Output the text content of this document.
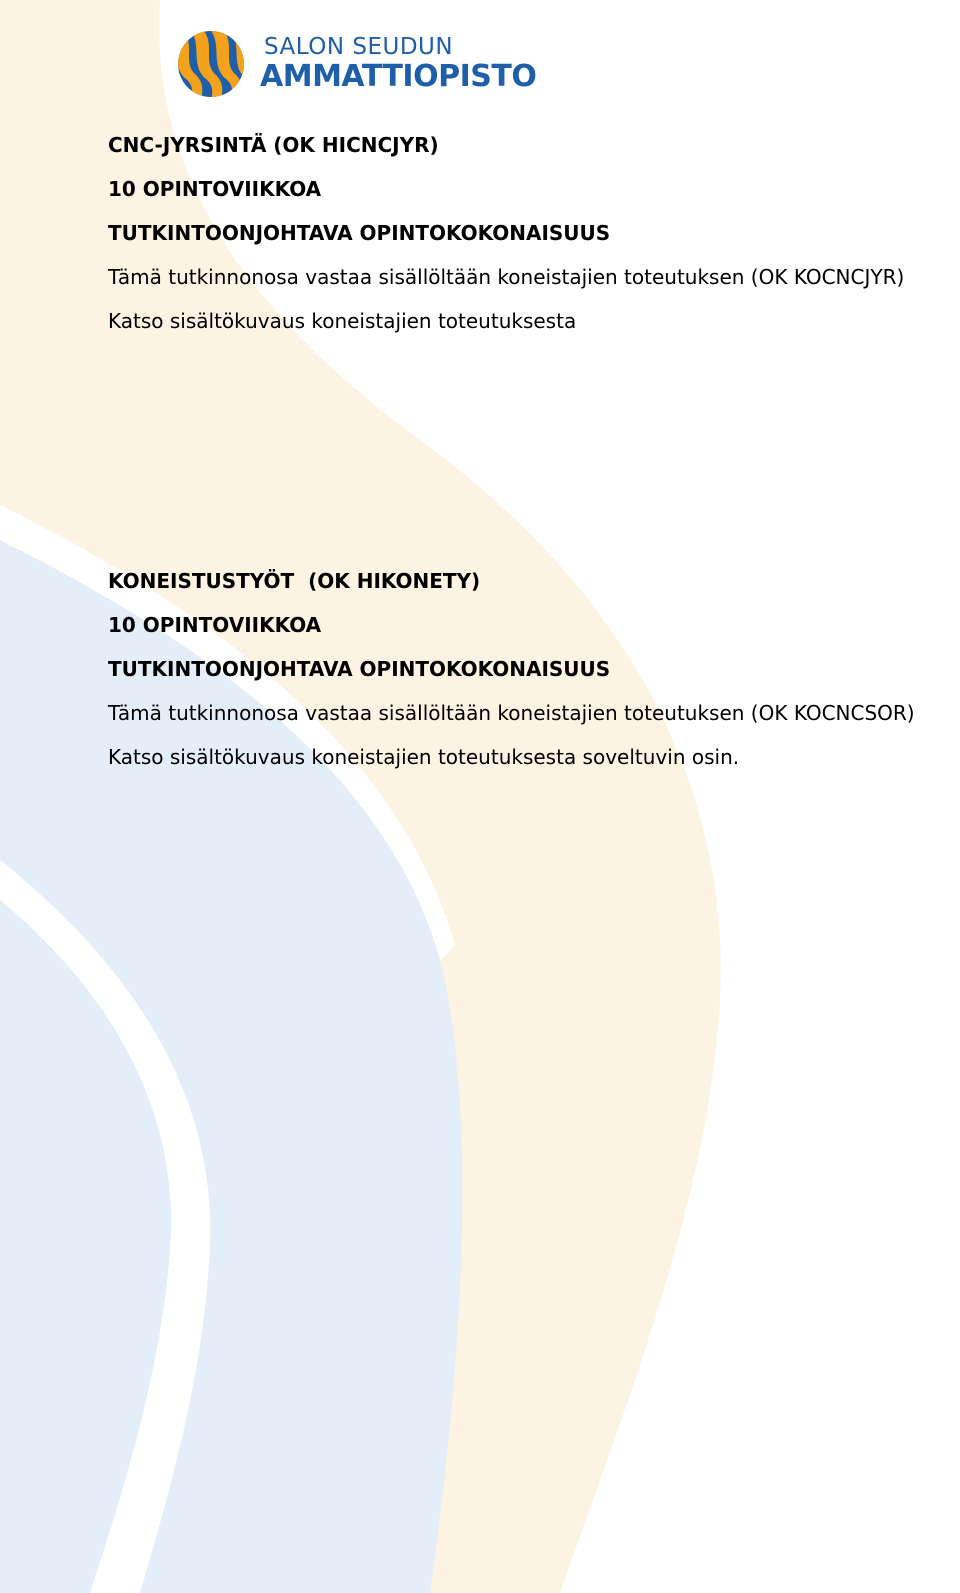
SALON SEUDUN
AMMATTIOPISTO
CNC-JYRSINTÄ (OK HICNCJYR)
10 OPINTOVIIKKOA
TUTKINTOONJOHTAVA OPINTOKOKONAISUUS
Tämä tutkinnonosa vastaa sisällöltään koneistajien toteutuksen (OK KOCNCJYR)
Katso sisältökuvaus koneistajien toteutuksesta
KONEISTUSTYÖT  (OK HIKONETY)
10 OPINTOVIIKKOA
TUTKINTOONJOHTAVA OPINTOKOKONAISUUS
Tämä tutkinnonosa vastaa sisällöltään koneistajien toteutuksen (OK KOCNCSOR)
Katso sisältökuvaus koneistajien toteutuksesta soveltuvin osin.
